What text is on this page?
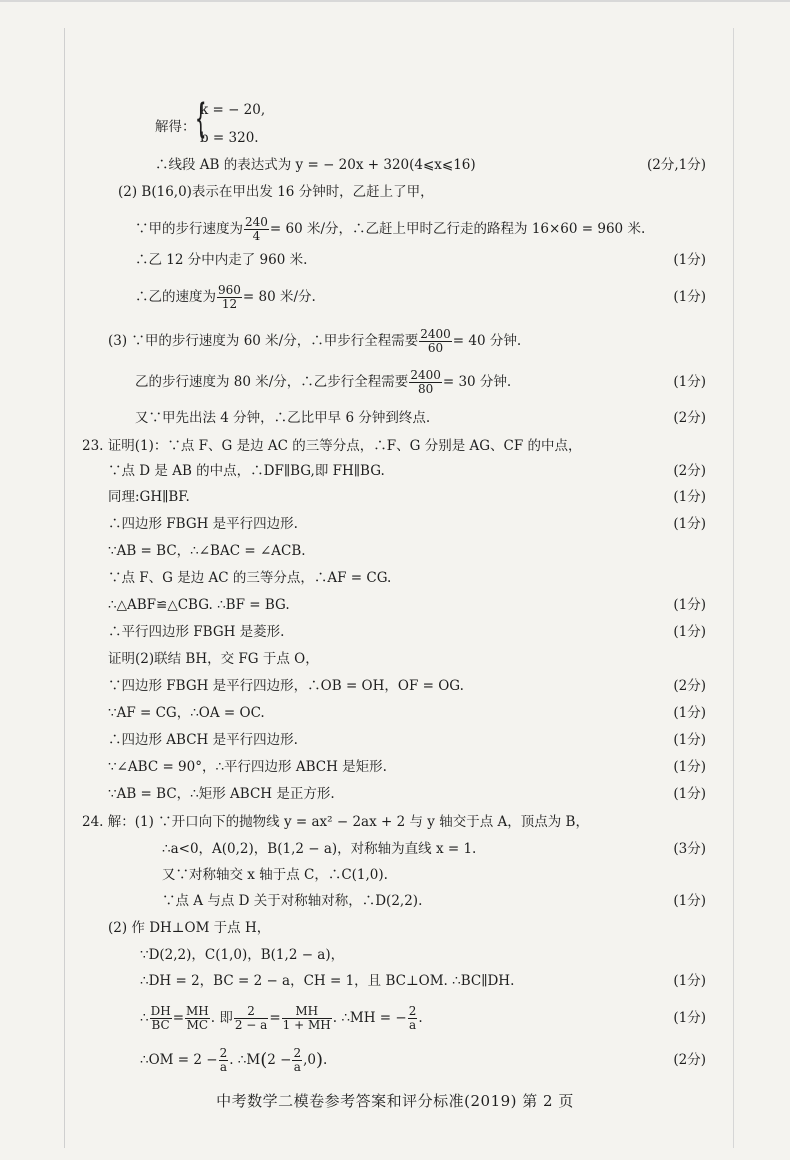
解得： {
k = − 20,
b = 320.
∴线段 AB 的表达式为 y = − 20x + 320(4⩽x⩽16)	(2分,1分)
(2) B(16,0)表示在甲出发 16 分钟时，乙赶上了甲，
∵甲的步行速度为 $\frac{240}{4} = 60$ 米/分，∴乙赶上甲时乙行走的路程为 16×60 = 960 米.
∴乙 12 分中内走了 960 米.	(1分)
∴乙的速度为 $\frac{960}{12} = 80$ 米/分.	(1分)
(3) ∵甲的步行速度为 60 米/分，∴甲步行全程需要 $\frac{2400}{60} = 40$ 分钟.
乙的步行速度为 80 米/分，∴乙步行全程需要 $\frac{2400}{80} = 30$ 分钟.	(1分)
又∵甲先出法 4 分钟，∴乙比甲早 6 分钟到终点.	(2分)
23. 证明(1)：∵点 F、G 是边 AC 的三等分点，∴F、G 分别是 AG、CF 的中点，
∵点 D 是 AB 的中点，∴DF∥BG,即 FH∥BG.	(2分)
同理:GH∥BF.	(1分)
∴四边形 FBGH 是平行四边形.	(1分)
∵AB = BC，∴∠BAC = ∠ACB.
∵点 F、G 是边 AC 的三等分点，∴AF = CG.
∴△ABF≌△CBG. ∴BF = BG.	(1分)
∴平行四边形 FBGH 是菱形.	(1分)
证明(2)联结 BH，交 FG 于点 O，
∵四边形 FBGH 是平行四边形，∴OB = OH，OF = OG.	(2分)
∵AF = CG，∴OA = OC.	(1分)
∴四边形 ABCH 是平行四边形.	(1分)
∵∠ABC = 90°，∴平行四边形 ABCH 是矩形.	(1分)
∵AB = BC，∴矩形 ABCH 是正方形.	(1分)
24. 解：(1) ∵开口向下的抛物线 y = ax² − 2ax + 2 与 y 轴交于点 A，顶点为 B，
∴a<0，A(0,2)，B(1,2 − a)，对称轴为直线 x = 1.	(3分)
又∵对称轴交 x 轴于点 C，∴C(1,0).
∵点 A 与点 D 关于对称轴对称，∴D(2,2).	(1分)
(2) 作 DH⊥OM 于点 H，
∵D(2,2)，C(1,0)，B(1,2 − a)，
∴DH = 2，BC = 2 − a，CH = 1，且 BC⊥OM. ∴BC∥DH.	(1分)
∴ $\frac{DH}{BC} = \frac{MH}{MC}$ . 即 $\frac{2}{2 - a} = \frac{MH}{1 + MH}$ . ∴MH = − $\frac{2}{a}$ .	(1分)
∴OM = $2 - \frac{2}{a}$ . ∴M(2 − $\frac{2}{a} ,0$).	(2分)
中考数学二模卷参考答案和评分标准(2019) 第 2 页
